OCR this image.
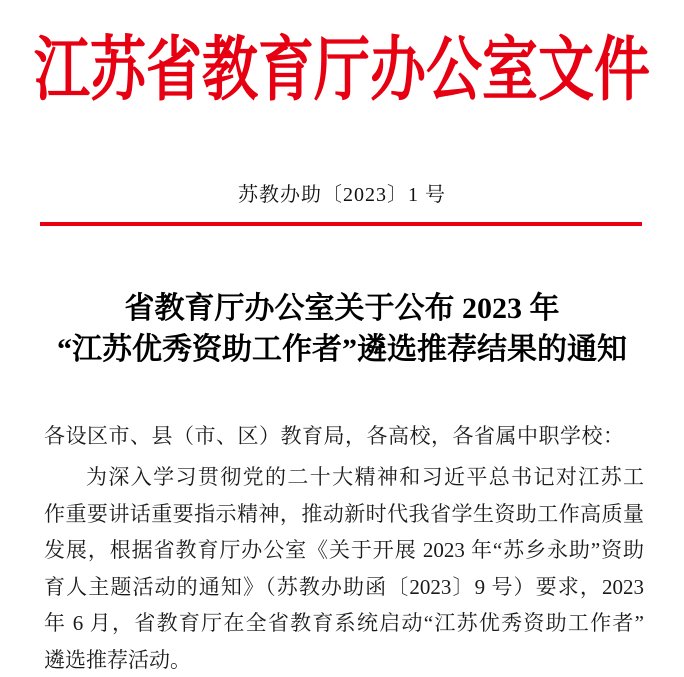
江苏省教育厅办公室文件
苏教办助〔2023〕1 号
省教育厅办公室关于公布 2023 年
“江苏优秀资助工作者”遴选推荐结果的通知
各设区市、县（市、区）教育局，各高校，各省属中职学校：
为深入学习贯彻党的二十大精神和习近平总书记对江苏工
作重要讲话重要指示精神，推动新时代我省学生资助工作高质量
发展，根据省教育厅办公室《关于开展 2023 年“苏乡永助”资助
育人主题活动的通知》（苏教办助函〔2023〕9 号）要求，2023
年 6 月，省教育厅在全省教育系统启动“江苏优秀资助工作者”
遴选推荐活动。
